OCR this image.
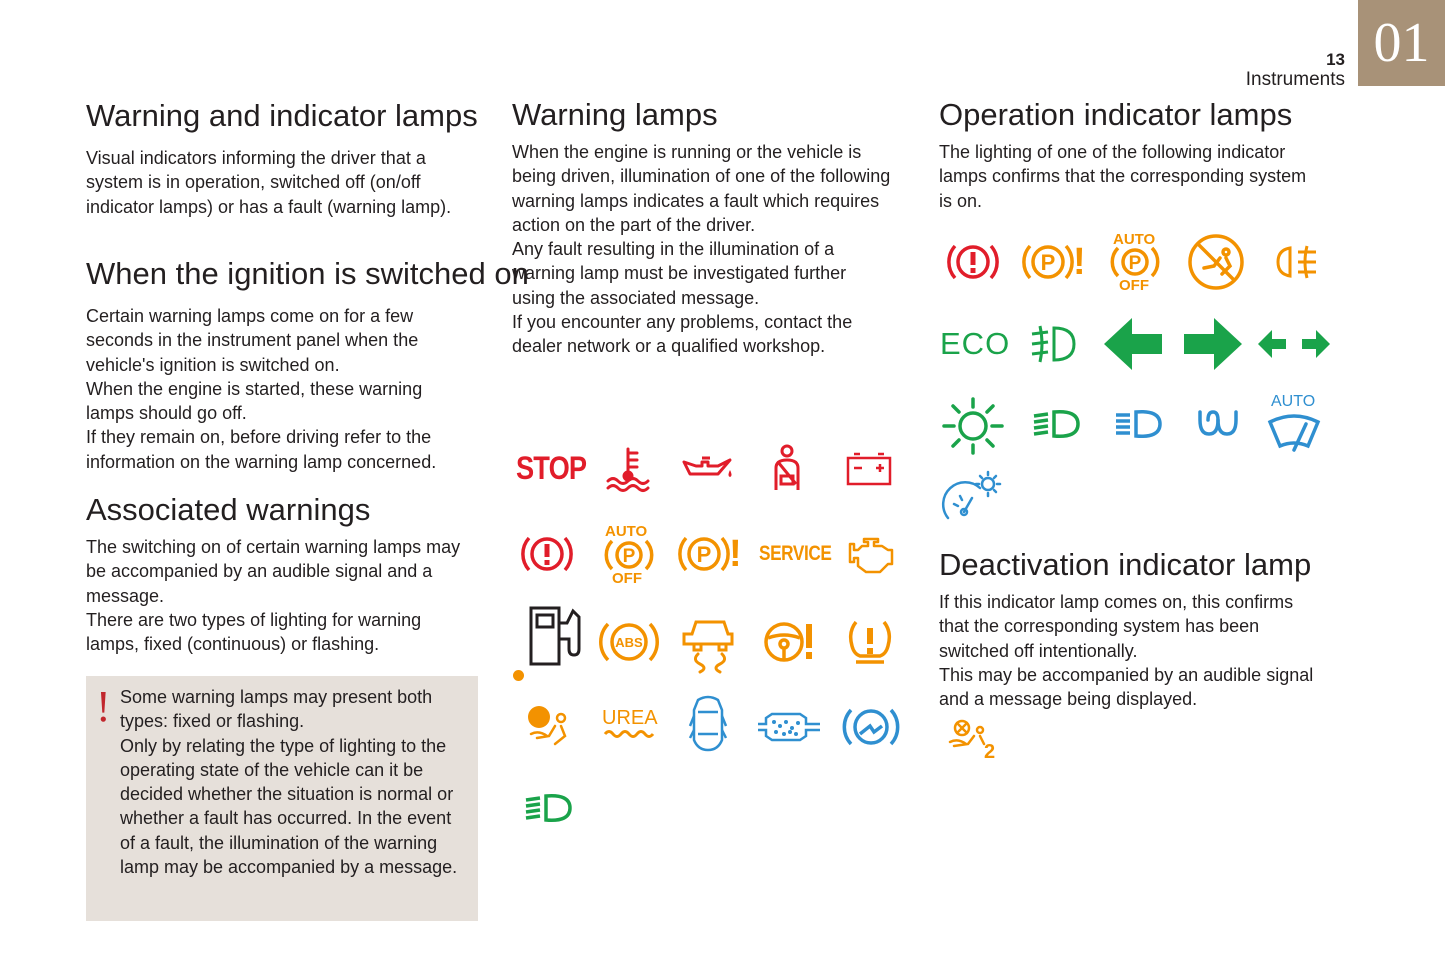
01
13
Instruments
Warning and indicator lamps
Visual indicators informing the driver that a
system is in operation, switched off (on/off
indicator lamps) or has a fault (warning lamp).
When the ignition is switched on
Certain warning lamps come on for a few
seconds in the instrument panel when the
vehicle's ignition is switched on.
When the engine is started, these warning
lamps should go off.
If they remain on, before driving refer to the
information on the warning lamp concerned.
Associated warnings
The switching on of certain warning lamps may
be accompanied by an audible signal and a
message.
There are two types of lighting for warning
lamps, fixed (continuous) or flashing.
! Some warning lamps may present both
types: fixed or flashing.
Only by relating the type of lighting to the
operating state of the vehicle can it be
decided whether the situation is normal or
whether a fault has occurred. In the event
of a fault, the illumination of the warning
lamp may be accompanied by a message.
Warning lamps
When the engine is running or the vehicle is
being driven, illumination of one of the following
warning lamps indicates a fault which requires
action on the part of the driver.
Any fault resulting in the illumination of a
warning lamp must be investigated further
using the associated message.
If you encounter any problems, contact the
dealer network or a qualified workshop.
STOP
AUTO
P
OFF
P ! SERVICE
ABS
UREA
Operation indicator lamps
The lighting of one of the following indicator
lamps confirms that the corresponding system
is on.
P !
AUTO
P
OFF
ECO
AUTO
Deactivation indicator lamp
If this indicator lamp comes on, this confirms
that the corresponding system has been
switched off intentionally.
This may be accompanied by an audible signal
and a message being displayed.
2
